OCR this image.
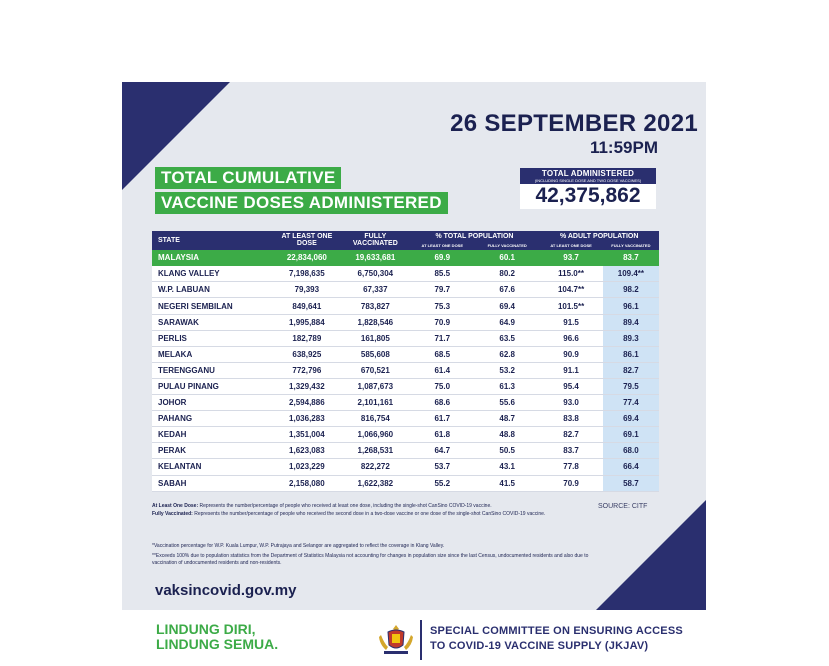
26 SEPTEMBER 2021
11:59PM
TOTAL CUMULATIVE
VACCINE DOSES ADMINISTERED
TOTAL ADMINISTERED
(INCLUDING SINGLE DOSE AND TWO DOSE VACCINES)
42,375,862
STATE	AT LEAST ONE DOSE	FULLY VACCINATED	% TOTAL POPULATION		% ADULT POPULATION	
			AT LEAST ONE DOSE	FULLY VACCINATED	AT LEAST ONE DOSE	FULLY VACCINATED
MALAYSIA	22,834,060	19,633,681	69.9	60.1	93.7	83.7
KLANG VALLEY	7,198,635	6,750,304	85.5	80.2	115.0**	109.4**
W.P. LABUAN	79,393	67,337	79.7	67.6	104.7**	98.2
NEGERI SEMBILAN	849,641	783,827	75.3	69.4	101.5**	96.1
SARAWAK	1,995,884	1,828,546	70.9	64.9	91.5	89.4
PERLIS	182,789	161,805	71.7	63.5	96.6	89.3
MELAKA	638,925	585,608	68.5	62.8	90.9	86.1
TERENGGANU	772,796	670,521	61.4	53.2	91.1	82.7
PULAU PINANG	1,329,432	1,087,673	75.0	61.3	95.4	79.5
JOHOR	2,594,886	2,101,161	68.6	55.6	93.0	77.4
PAHANG	1,036,283	816,754	61.7	48.7	83.8	69.4
KEDAH	1,351,004	1,066,960	61.8	48.8	82.7	69.1
PERAK	1,623,083	1,268,531	64.7	50.5	83.7	68.0
KELANTAN	1,023,229	822,272	53.7	43.1	77.8	66.4
SABAH	2,158,080	1,622,382	55.2	41.5	70.9	58.7

At Least One Dose: Represents the number/percentage of people who received at least one dose, including the single-shot CanSino COVID-19 vaccine.

Fully Vaccinated: Represents the number/percentage of people who received the second dose in a two-dose vaccine or one dose of the single-shot CanSino COVID-19 vaccine.

SOURCE: CITF

*Vaccination percentage for W.P. Kuala Lumpur, W.P. Putrajaya and Selangor are aggregated to reflect the coverage in Klang Valley.

**Exceeds 100% due to population statistics from the Department of Statistics Malaysia not accounting for changes in population size since the last Census, undocumented residents and also due to vaccination of undocumented residents and non-residents.

vaksincovid.gov.my
LINDUNG DIRI,
LINDUNG SEMUA.
SPECIAL COMMITTEE ON ENSURING ACCESS
TO COVID-19 VACCINE SUPPLY (JKJAV)
